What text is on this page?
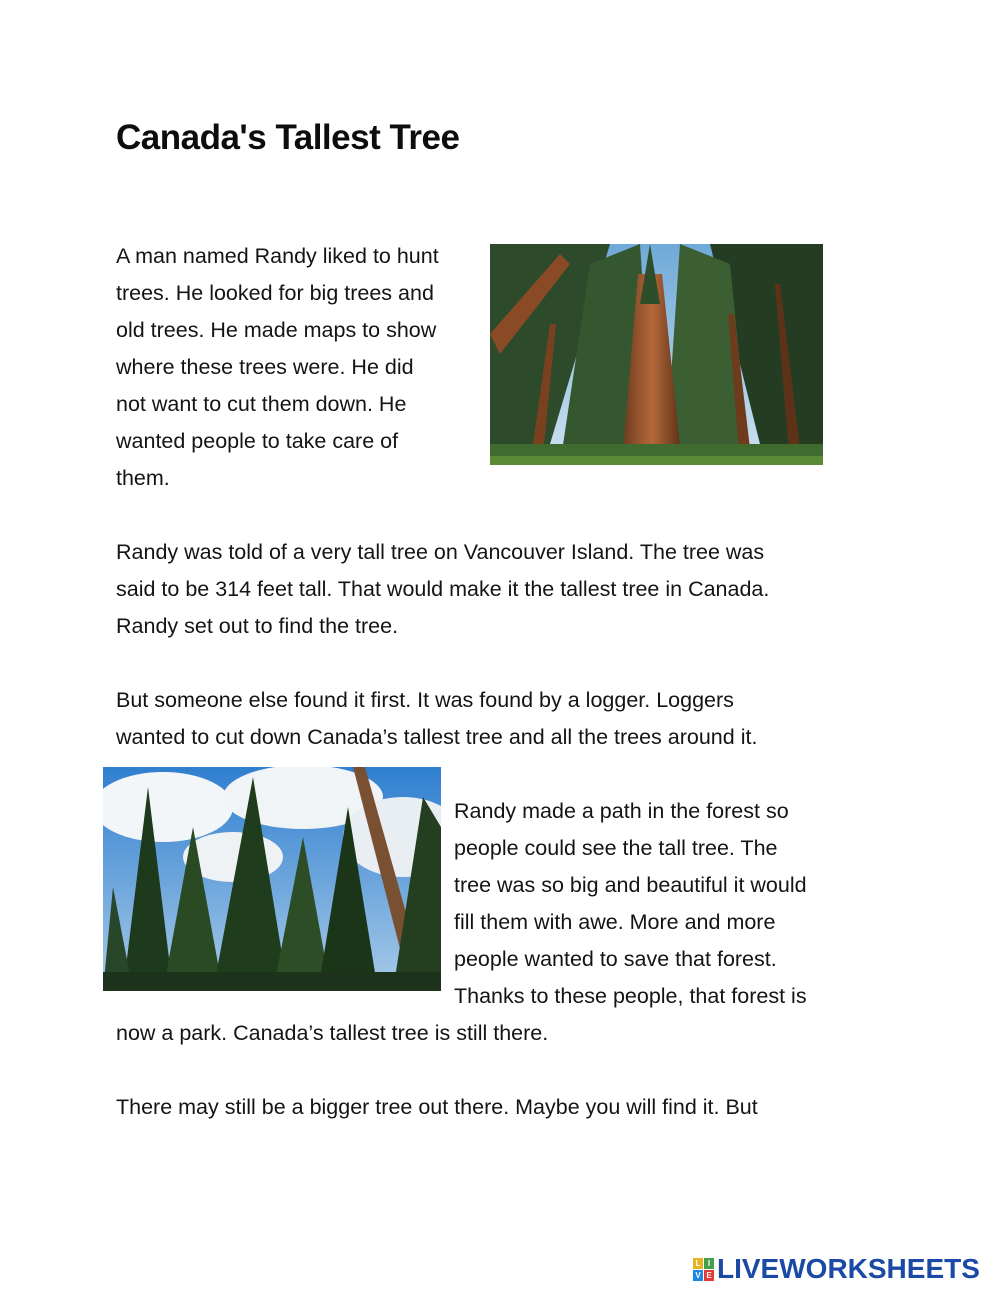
Canada's Tallest Tree

A man named Randy liked to hunt
trees. He looked for big trees and
old trees. He made maps to show
where these trees were. He did
not want to cut them down. He
wanted people to take care of
them.

Randy was told of a very tall tree on Vancouver Island. The tree was
said to be 314 feet tall. That would make it the tallest tree in Canada.
Randy set out to find the tree.

But someone else found it first. It was found by a logger. Loggers
wanted to cut down Canada’s tallest tree and all the trees around it.

Randy made a path in the forest so
people could see the tall tree. The
tree was so big and beautiful it would
fill them with awe. More and more
people wanted to save that forest.
Thanks to these people, that forest is

now a park. Canada’s tallest tree is still there.

There may still be a bigger tree out there. Maybe you will find it. But

L I
V E LIVEWORKSHEETS
